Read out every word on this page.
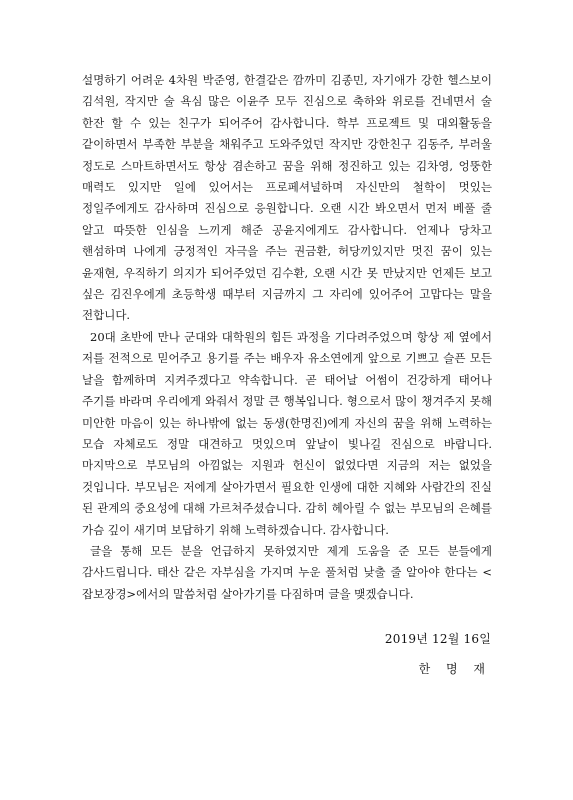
설명하기 어려운 4차원 박준영, 한결같은 깜까미 김종민, 자기애가 강한 헬스보이 김석원, 작지만 술 욕심 많은 이윤주 모두 진심으로 축하와 위로를 건네면서 술 한잔 할 수 있는 친구가 되어주어 감사합니다. 학부 프로젝트 및 대외활동을 같이하면서 부족한 부분을 채워주고 도와주었던 작지만 강한친구 김동주, 부러울 정도로 스마트하면서도 항상 겸손하고 꿈을 위해 정진하고 있는 김차영, 엉뚱한 매력도 있지만 일에 있어서는 프로페셔널하며 자신만의 철학이 멋있는 정일주에게도 감사하며 진심으로 응원합니다. 오랜 시간 봐오면서 먼저 베풀 줄 알고 따뜻한 인심을 느끼게 해준 공윤지에게도 감사합니다. 언제나 당차고 핸섬하며 나에게 긍정적인 자극을 주는 권금환, 허당끼있지만 멋진 꿈이 있는 윤재현, 우직하기 의지가 되어주었던 김수환, 오랜 시간 못 만났지만 언제든 보고 싶은 김진우에게 초등학생 때부터 지금까지 그 자리에 있어주어 고맙다는 말을 전합니다.

20대 초반에 만나 군대와 대학원의 힘든 과정을 기다려주었으며 항상 제 옆에서 저를 전적으로 믿어주고 용기를 주는 배우자 유소연에게 앞으로 기쁘고 슬픈 모든 날을 함께하며 지켜주겠다고 약속합니다. 곧 태어날 어썸이 건강하게 태어나 주기를 바라며 우리에게 와줘서 정말 큰 행복입니다. 형으로서 많이 챙겨주지 못해 미안한 마음이 있는 하나밖에 없는 동생(한명진)에게 자신의 꿈을 위해 노력하는 모습 자체로도 정말 대견하고 멋있으며 앞날이 빛나길 진심으로 바랍니다. 마지막으로 부모님의 아낌없는 지원과 헌신이 없었다면 지금의 저는 없었을 것입니다. 부모님은 저에게 살아가면서 필요한 인생에 대한 지혜와 사람간의 진실 된 관계의 중요성에 대해 가르쳐주셨습니다. 감히 헤아릴 수 없는 부모님의 은혜를 가슴 깊이 새기며 보답하기 위해 노력하겠습니다. 감사합니다.

글을 통해 모든 분을 언급하지 못하였지만 제게 도움을 준 모든 분들에게 감사드립니다. 태산 같은 자부심을 가지며 누운 풀처럼 낮출 줄 알아야 한다는 <잡보장경>에서의 말씀처럼 살아가기를 다짐하며 글을 맺겠습니다.

2019년 12월 16일
한 명 재
